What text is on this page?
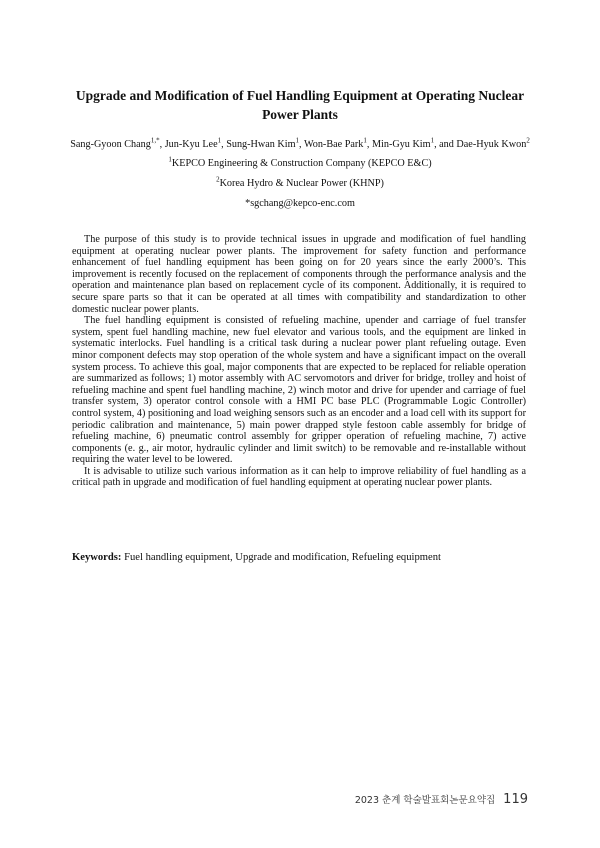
Upgrade and Modification of Fuel Handling Equipment at Operating Nuclear Power Plants
Sang-Gyoon Chang$^{1,*}$, Jun-Kyu Lee$^1$, Sung-Hwan Kim$^1$, Won-Bae Park$^1$, Min-Gyu Kim$^1$, and Dae-Hyuk Kwon$^2$
$^1$KEPCO Engineering & Construction Company (KEPCO E&C)
$^2$Korea Hydro & Nuclear Power (KHNP)
*sgchang@kepco-enc.com

The purpose of this study is to provide technical issues in upgrade and modification of fuel handling equipment at operating nuclear power plants. The improvement for safety function and performance enhancement of fuel handling equipment has been going on for 20 years since the early 2000’s. This improvement is recently focused on the replacement of components through the performance analysis and the operation and maintenance plan based on replacement cycle of its component. Additionally, it is required to secure spare parts so that it can be operated at all times with compatibility and standardization to other domestic nuclear power plants.

The fuel handling equipment is consisted of refueling machine, upender and carriage of fuel transfer system, spent fuel handling machine, new fuel elevator and various tools, and the equipment are linked in systematic interlocks. Fuel handling is a critical task during a nuclear power plant refueling outage. Even minor component defects may stop operation of the whole system and have a significant impact on the overall system process. To achieve this goal, major components that are expected to be replaced for reliable operation are summarized as follows; 1) motor assembly with AC servomotors and driver for bridge, trolley and hoist of refueling machine and spent fuel handling machine, 2) winch motor and drive for upender and carriage of fuel transfer system, 3) operator control console with a HMI PC base PLC (Programmable Logic Controller) control system, 4) positioning and load weighing sensors such as an encoder and a load cell with its support for periodic calibration and maintenance, 5) main power drapped style festoon cable assembly for bridge of refueling machine, 6) pneumatic control assembly for gripper operation of refueling machine, 7) active components (e. g., air motor, hydraulic cylinder and limit switch) to be removable and re-installable without requiring the water level to be lowered.

It is advisable to utilize such various information as it can help to improve reliability of fuel handling as a critical path in upgrade and modification of fuel handling equipment at operating nuclear power plants.

Keywords: Fuel handling equipment, Upgrade and modification, Refueling equipment
2023 춘계 학술발표회논문요약집 119
